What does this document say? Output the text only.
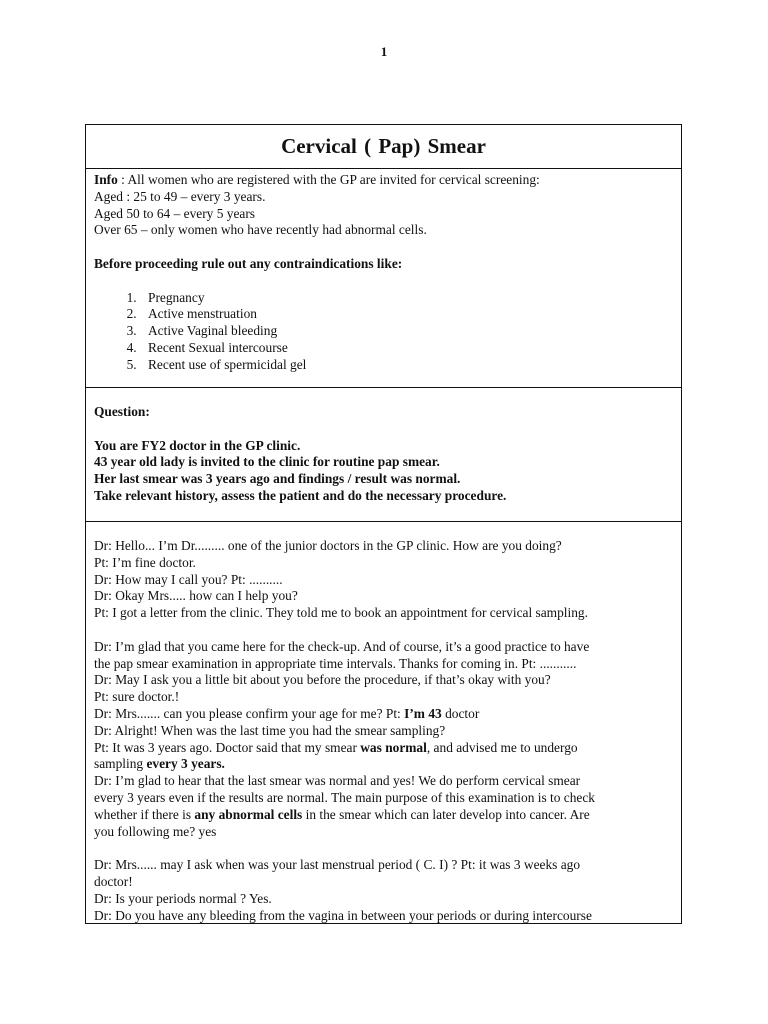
1
Cervical ( Pap) Smear
Info : All women who are registered with the GP are invited for cervical screening:
Aged : 25 to 49 – every 3 years.
Aged 50 to 64 – every 5 years
Over 65 – only women who have recently had abnormal cells.
Before proceeding rule out any contraindications like:
1. Pregnancy
2. Active menstruation
3. Active Vaginal bleeding
4. Recent Sexual intercourse
5. Recent use of spermicidal gel
Question:
You are FY2 doctor in the GP clinic.
43 year old lady is invited to the clinic for routine pap smear.
Her last smear was 3 years ago and findings / result was normal.
Take relevant history, assess the patient and do the necessary procedure.
Dr: Hello... I’m Dr......... one of the junior doctors in the GP clinic. How are you doing?
Pt: I’m fine doctor.
Dr: How may I call you? Pt: ..........
Dr: Okay Mrs..... how can I help you?
Pt: I got a letter from the clinic. They told me to book an appointment for cervical sampling.
Dr: I’m glad that you came here for the check-up. And of course, it’s a good practice to have
the pap smear examination in appropriate time intervals. Thanks for coming in. Pt: ...........
Dr: May I ask you a little bit about you before the procedure, if that’s okay with you?
Pt: sure doctor.!
Dr: Mrs....... can you please confirm your age for me? Pt: I’m 43 doctor
Dr: Alright! When was the last time you had the smear sampling?
Pt: It was 3 years ago. Doctor said that my smear was normal, and advised me to undergo
sampling every 3 years.
Dr: I’m glad to hear that the last smear was normal and yes! We do perform cervical smear
every 3 years even if the results are normal. The main purpose of this examination is to check
whether if there is any abnormal cells in the smear which can later develop into cancer. Are
you following me? yes
Dr: Mrs...... may I ask when was your last menstrual period ( C. I) ? Pt: it was 3 weeks ago
doctor!
Dr: Is your periods normal ? Yes.
Dr: Do you have any bleeding from the vagina in between your periods or during intercourse
